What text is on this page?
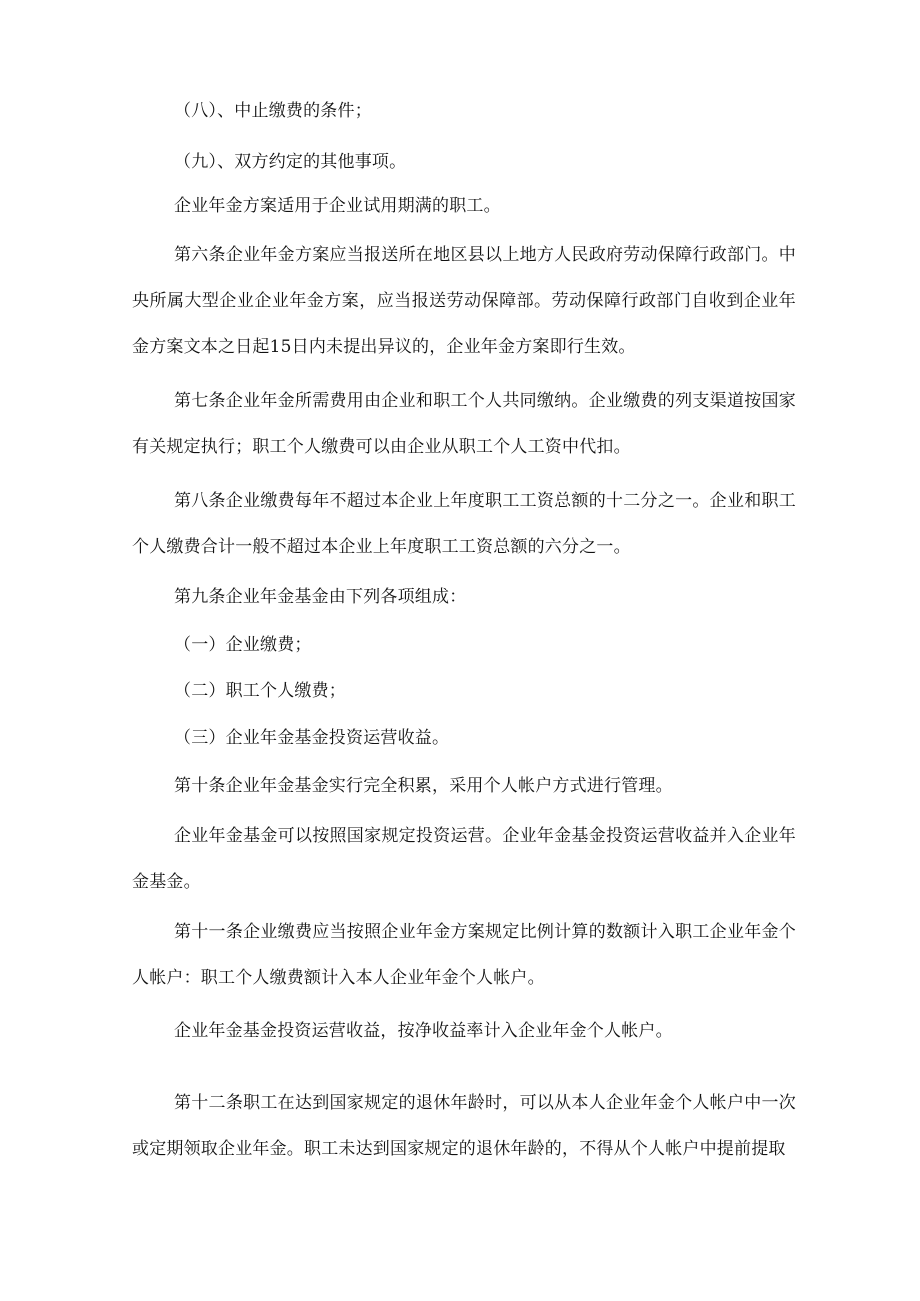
（八）、中止缴费的条件；

（九）、双方约定的其他事项。

企业年金方案适用于企业试用期满的职工。

第六条企业年金方案应当报送所在地区县以上地方人民政府劳动保障行政部门。中央所属大型企业企业年金方案，应当报送劳动保障部。劳动保障行政部门自收到企业年金方案文本之日起15日内未提出异议的，企业年金方案即行生效。

第七条企业年金所需费用由企业和职工个人共同缴纳。企业缴费的列支渠道按国家有关规定执行；职工个人缴费可以由企业从职工个人工资中代扣。

第八条企业缴费每年不超过本企业上年度职工工资总额的十二分之一。企业和职工个人缴费合计一般不超过本企业上年度职工工资总额的六分之一。

第九条企业年金基金由下列各项组成：

（一）企业缴费；

（二）职工个人缴费；

（三）企业年金基金投资运营收益。

第十条企业年金基金实行完全积累，采用个人帐户方式进行管理。

企业年金基金可以按照国家规定投资运营。企业年金基金投资运营收益并入企业年金基金。

第十一条企业缴费应当按照企业年金方案规定比例计算的数额计入职工企业年金个人帐户：职工个人缴费额计入本人企业年金个人帐户。

企业年金基金投资运营收益，按净收益率计入企业年金个人帐户。

第十二条职工在达到国家规定的退休年龄时，可以从本人企业年金个人帐户中一次或定期领取企业年金。职工未达到国家规定的退休年龄的，不得从个人帐户中提前提取
